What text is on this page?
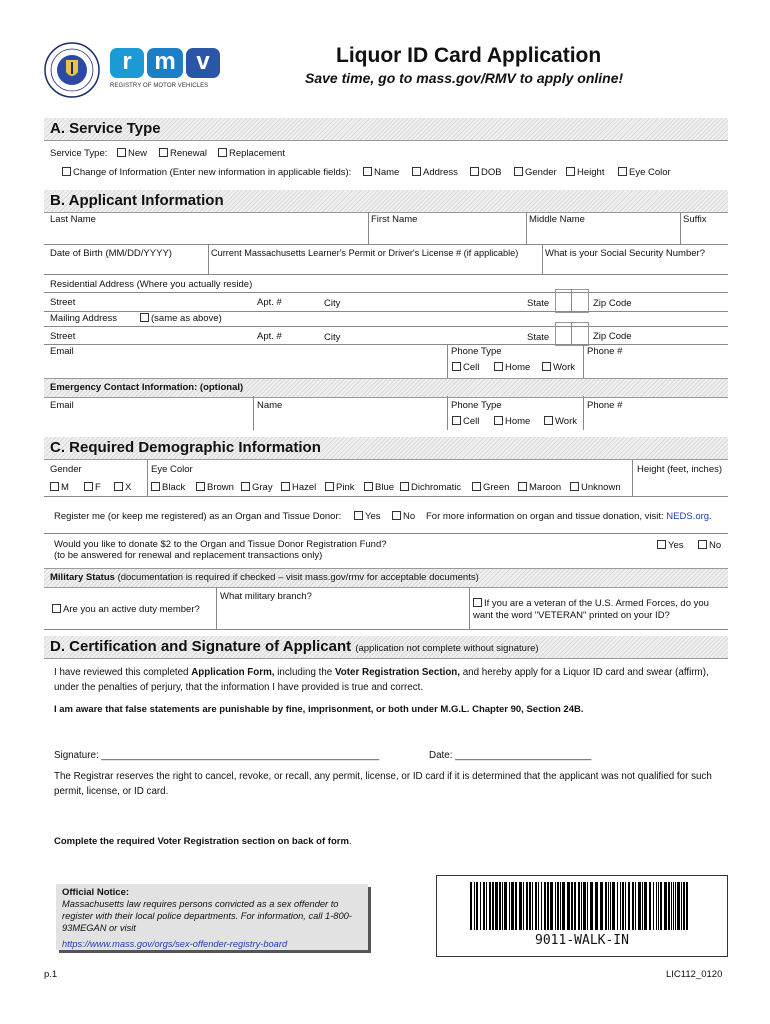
r m v
REGISTRY OF MOTOR VEHICLES
Liquor ID Card Application
Save time, go to mass.gov/RMV to apply online!
A. Service Type
Service Type:	New	Renewal	Replacement
Change of Information (Enter new information in applicable fields):	Name	Address	DOB	Gender	Height	Eye Color
B. Applicant Information
Last Name	First Name	Middle Name	Suffix
Date of Birth (MM/DD/YYYY)	Current Massachusetts Learner's Permit or Driver's License # (if applicable)	What is your Social Security Number?
Residential Address (Where you actually reside)
Street	Apt. #	City	State	Zip Code
Mailing Address	(same as above)
Street	Apt. #	City	State	Zip Code
Email	Phone Type	Phone #
Cell	Home	Work
Emergency Contact Information: (optional)
Email	Name	Phone Type	Phone #
Cell	Home	Work
C. Required Demographic Information
Gender	Eye Color	Height (feet, inches)
M	F	X	Black	Brown	Gray	Hazel	Pink	Blue	Dichromatic	Green	Maroon	Unknown
Register me (or keep me registered) as an Organ and Tissue Donor:	Yes	No For more information on organ and tissue donation, visit: NEDS.org.
Would you like to donate $2 to the Organ and Tissue Donor Registration Fund?
(to be answered for renewal and replacement transactions only)
Yes	No
Military Status (documentation is required if checked – visit mass.gov/rmv for acceptable documents)
Are you an active duty member?
What military branch?
If you are a veteran of the U.S. Armed Forces, do you want the word "VETERAN" printed on your ID?
D. Certification and Signature of Applicant (application not complete without signature)
I have reviewed this completed Application Form, including the Voter Registration Section, and hereby apply for a Liquor ID card and swear (affirm), under the penalties of perjury, that the information I have provided is true and correct.
I am aware that false statements are punishable by fine, imprisonment, or both under M.G.L. Chapter 90, Section 24B.
Signature: ___________________________________________________	Date: _________________________
The Registrar reserves the right to cancel, revoke, or recall, any permit, license, or ID card if it is determined that the applicant was not qualified for such permit, license, or ID card.
Complete the required Voter Registration section on back of form.
Official Notice:
Massachusetts law requires persons convicted as a sex offender to register with their local police departments. For information, call 1-800-93MEGAN or visit
https://www.mass.gov/orgs/sex-offender-registry-board	9011-WALK-IN
p.1	LIC112_0120
